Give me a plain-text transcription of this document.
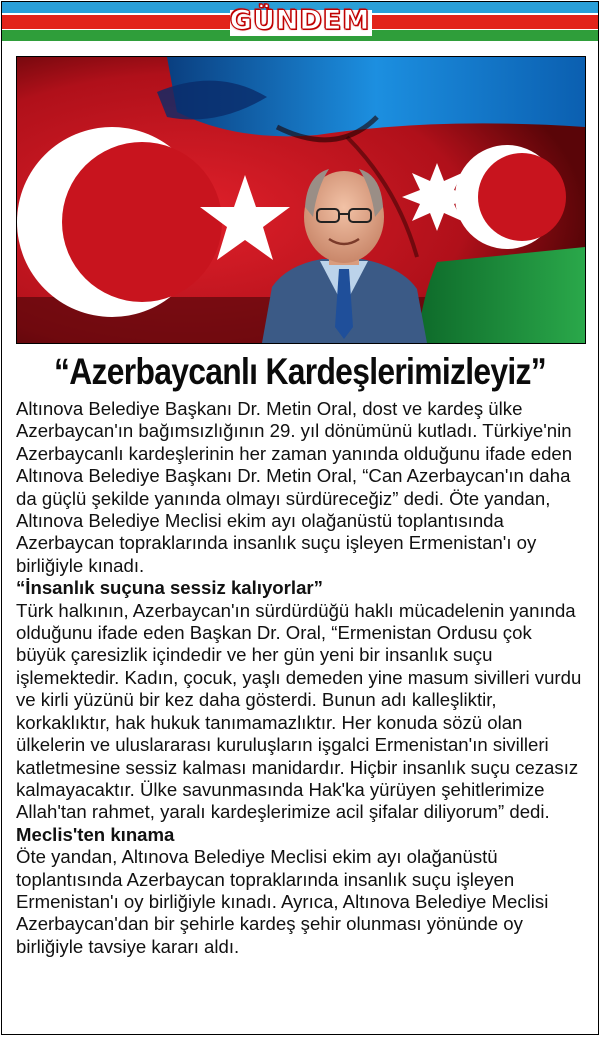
GÜNDEM
“Azerbaycanlı Kardeşlerimizleyiz”

Altınova Belediye Başkanı Dr. Metin Oral, dost ve kardeş ülke Azerbaycan'ın bağımsızlığının 29. yıl dönümünü kutladı. Türkiye'nin Azerbaycanlı kardeşlerinin her zaman yanında olduğunu ifade eden Altınova Belediye Başkanı Dr. Metin Oral, “Can Azerbaycan'ın daha da güçlü şekilde yanında olmayı sürdüreceğiz” dedi. Öte yandan, Altınova Belediye Meclisi ekim ayı olağanüstü toplantısında Azerbaycan topraklarında insanlık suçu işleyen Ermenistan'ı oy birliğiyle kınadı.

“İnsanlık suçuna sessiz kalıyorlar”

Türk halkının, Azerbaycan'ın sürdürdüğü haklı mücadelenin yanında olduğunu ifade eden Başkan Dr. Oral, “Ermenistan Ordusu çok büyük çaresizlik içindedir ve her gün yeni bir insanlık suçu işlemektedir. Kadın, çocuk, yaşlı demeden yine masum sivilleri vurdu ve kirli yüzünü bir kez daha gösterdi. Bunun adı kalleşliktir, korkaklıktır, hak hukuk tanımamazlıktır. Her konuda sözü olan ülkelerin ve uluslararası kuruluşların işgalci Ermenistan'ın sivilleri katletmesine sessiz kalması manidardır. Hiçbir insanlık suçu cezasız kalmayacaktır. Ülke savunmasında Hak'ka yürüyen şehitlerimize Allah'tan rahmet, yaralı kardeşlerimize acil şifalar diliyorum” dedi.

Meclis'ten kınama

Öte yandan, Altınova Belediye Meclisi ekim ayı olağanüstü toplantısında Azerbaycan topraklarında insanlık suçu işleyen Ermenistan'ı oy birliğiyle kınadı. Ayrıca, Altınova Belediye Meclisi Azerbaycan'dan bir şehirle kardeş şehir olunması yönünde oy birliğiyle tavsiye kararı aldı.
